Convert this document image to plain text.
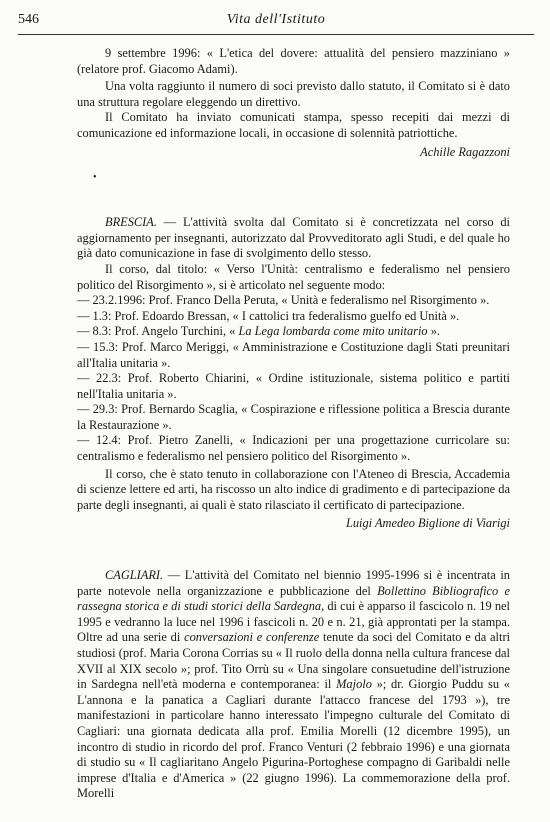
546	Vita dell'Istituto
•

9 settembre 1996: « L'etica del dovere: attualità del pensiero mazziniano » (relatore prof. Giacomo Adami).

Una volta raggiunto il numero di soci previsto dallo statuto, il Comitato si è dato una struttura regolare eleggendo un direttivo.

Il Comitato ha inviato comunicati stampa, spesso recepiti dai mezzi di comunicazione ed informazione locali, in occasione di solennità patriottiche.

Achille Ragazzoni

BRESCIA. — L'attività svolta dal Comitato si è concretizzata nel corso di aggiornamento per insegnanti, autorizzato dal Provveditorato agli Studi, e del quale ho già dato comunicazione in fase di svolgimento dello stesso.

Il corso, dal titolo: « Verso l'Unità: centralismo e federalismo nel pensiero politico del Risorgimento », si è articolato nel seguente modo:

— 23.2.1996: Prof. Franco Della Peruta, « Unità e federalismo nel Risorgimento ».

— 1.3: Prof. Edoardo Bressan, « I cattolici tra federalismo guelfo ed Unità ».

— 8.3: Prof. Angelo Turchini, « La Lega lombarda come mito unitario ».

— 15.3: Prof. Marco Meriggi, « Amministrazione e Costituzione dagli Stati preunitari all'Italia unitaria ».

— 22.3: Prof. Roberto Chiarini, « Ordine istituzionale, sistema politico e partiti nell'Italia unitaria ».

— 29.3: Prof. Bernardo Scaglia, « Cospirazione e riflessione politica a Brescia durante la Restaurazione ».

— 12.4: Prof. Pietro Zanelli, « Indicazioni per una progettazione curricolare su: centralismo e federalismo nel pensiero politico del Risorgimento ».

Il corso, che è stato tenuto in collaborazione con l'Ateneo di Brescia, Accademia di scienze lettere ed arti, ha riscosso un alto indice di gradimento e di partecipazione da parte degli insegnanti, ai quali è stato rilasciato il certificato di partecipazione.

Luigi Amedeo Biglione di Viarigi

CAGLIARI. — L'attività del Comitato nel biennio 1995-1996 si è incentrata in parte notevole nella organizzazione e pubblicazione del Bollettino Bibliografico e rassegna storica e di studi storici della Sardegna, di cui è apparso il fascicolo n. 19 nel 1995 e vedranno la luce nel 1996 i fascicoli n. 20 e n. 21, già approntati per la stampa. Oltre ad una serie di conversazioni e conferenze tenute da soci del Comitato e da altri studiosi (prof. Maria Corona Corrias su « Il ruolo della donna nella cultura francese dal XVII al XIX secolo »; prof. Tito Orrù su « Una singolare consuetudine dell'istruzione in Sardegna nell'età moderna e contemporanea: il Majolo »; dr. Giorgio Puddu su « L'annona e la panatica a Cagliari durante l'attacco francese del 1793 »), tre manifestazioni in particolare hanno interessato l'impegno culturale del Comitato di Cagliari: una giornata dedicata alla prof. Emilia Morelli (12 dicembre 1995), un incontro di studio in ricordo del prof. Franco Venturi (2 febbraio 1996) e una giornata di studio su « Il cagliaritano Angelo Pigurina-Portoghese compagno di Garibaldi nelle imprese d'Italia e d'America » (22 giugno 1996). La commemorazione della prof. Morelli
